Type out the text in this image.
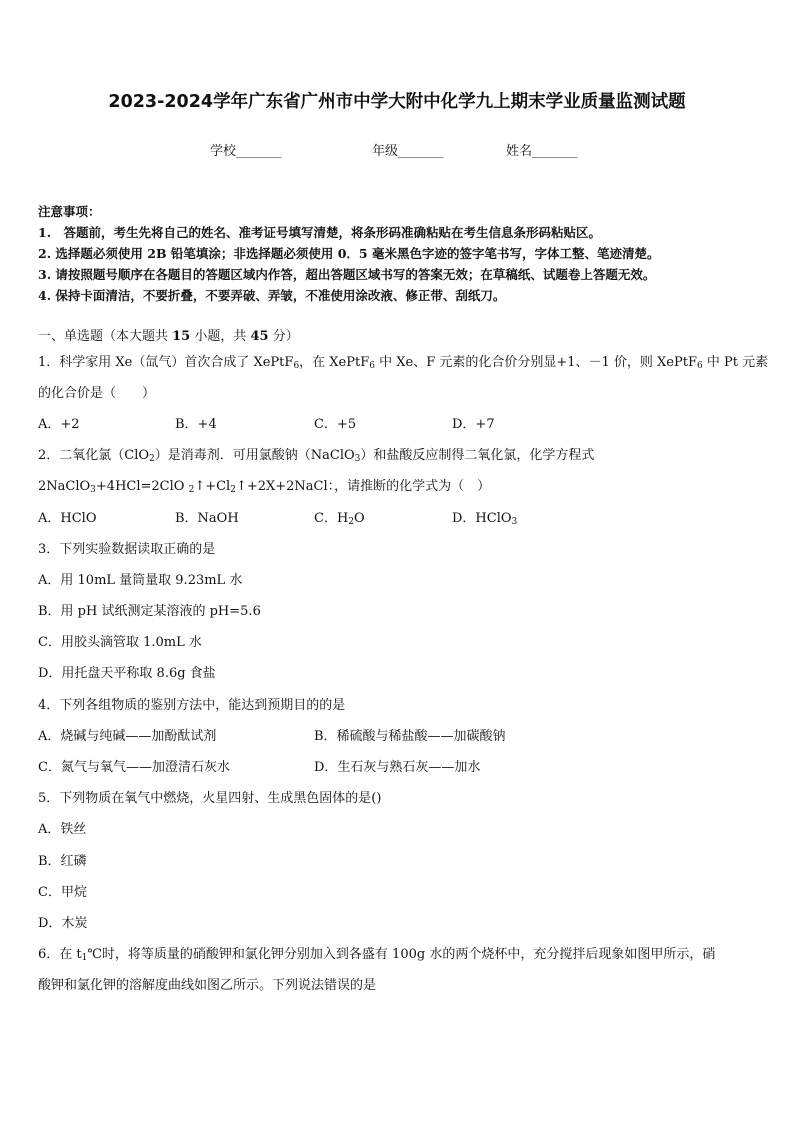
2023-2024学年广东省广州市中学大附中化学九上期末学业质量监测试题
学校_______	年级_______	姓名_______
注意事项：
1.　答题前，考生先将自己的姓名、准考证号填写清楚，将条形码准确粘贴在考生信息条形码粘贴区。
2. 选择题必须使用 2B 铅笔填涂；非选择题必须使用 0．5 毫米黑色字迹的签字笔书写，字体工整、笔迹清楚。
3. 请按照题号顺序在各题目的答题区域内作答，超出答题区域书写的答案无效；在草稿纸、试题卷上答题无效。
4. 保持卡面清洁，不要折叠，不要弄破、弄皱，不准使用涂改液、修正带、刮纸刀。
一、单选题（本大题共 15 小题，共 45 分）
1．科学家用 Xe（氙气）首次合成了 XePtF$_6$，在 XePtF$_6$ 中 Xe、F 元素的化合价分别显+1、－1 价，则 XePtF$_6$ 中 Pt 元素
的化合价是（　　）
A．+2	B．+4	C．+5	D．+7
2．二氧化氯（ClO$_2$）是消毒剂．可用氯酸钠（NaClO$_3$）和盐酸反应制得二氧化氯，化学方程式
2NaClO$_3$+4HCl=2ClO $_2↑+Cl_2↑+2X+2NaCl$：，请推断的化学式为（　）
A．HClO	B．NaOH	C．$H_2O$	D．HClO$_3$
3．下列实验数据读取正确的是
A．用 10mL 量筒量取 9.23mL 水
B．用 pH 试纸测定某溶液的 pH=5.6
C．用胶头滴管取 1.0mL 水
D．用托盘天平称取 8.6g 食盐
4．下列各组物质的鉴别方法中，能达到预期目的的是
A．烧碱与纯碱——加酚酞试剂	B．稀硫酸与稀盐酸——加碳酸钠
C．氮气与氧气——加澄清石灰水	D．生石灰与熟石灰——加水
5．下列物质在氧气中燃烧，火星四射、生成黑色固体的是()
A．铁丝
B．红磷
C．甲烷
D．木炭
6．在 $t_1℃$时，将等质量的硝酸钾和氯化钾分别加入到各盛有 100g 水的两个烧杯中，充分搅拌后现象如图甲所示，硝
酸钾和氯化钾的溶解度曲线如图乙所示。下列说法错误的是
